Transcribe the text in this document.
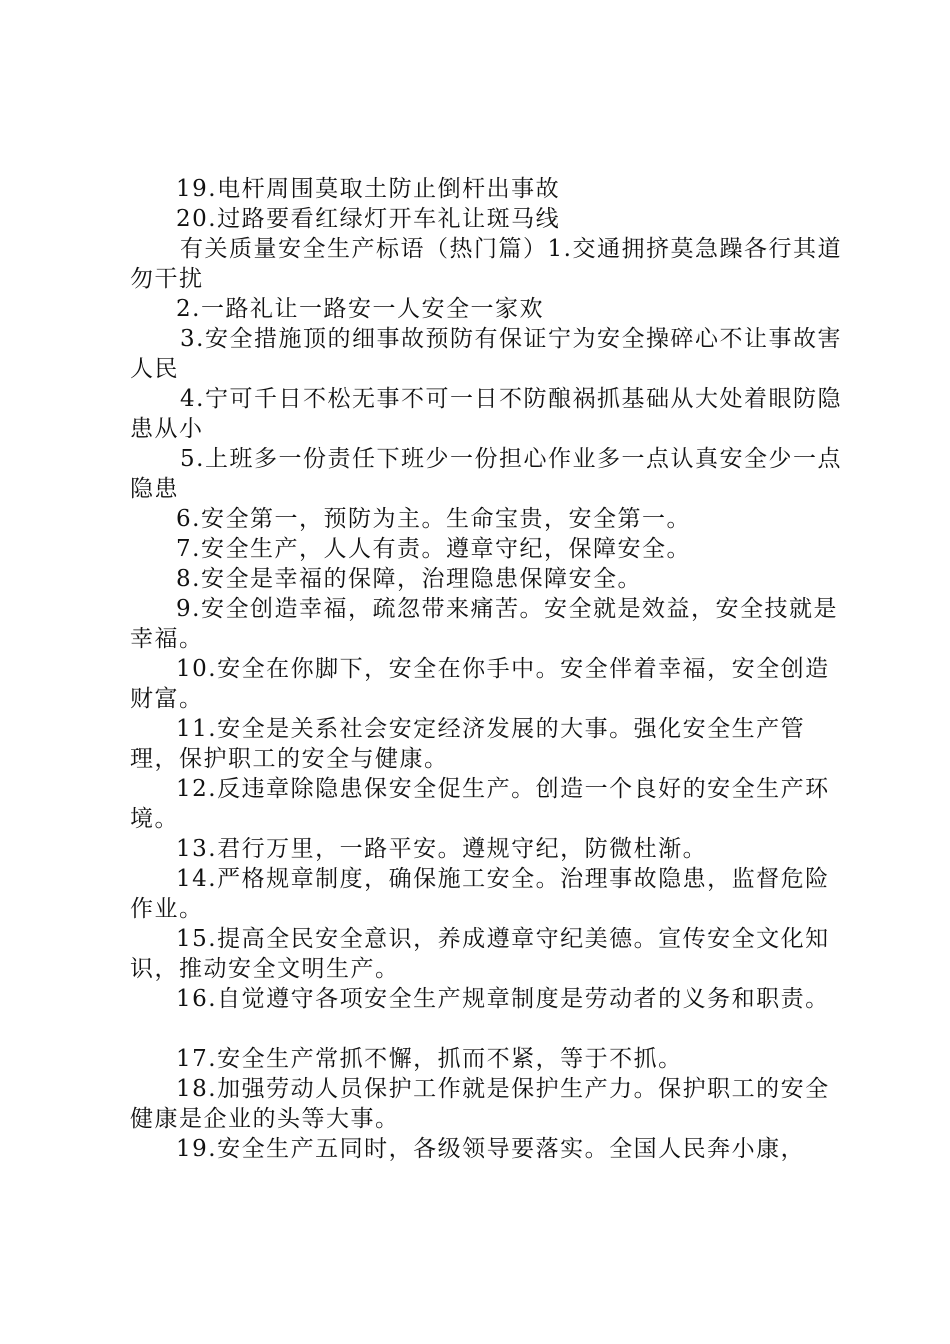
19.电杆周围莫取土防止倒杆出事故

20.过路要看红绿灯开车礼让斑马线

有关质量安全生产标语（热门篇）1.交通拥挤莫急躁各行其道勿干扰

2.一路礼让一路安一人安全一家欢

3.安全措施顶的细事故预防有保证宁为安全操碎心不让事故害人民

4.宁可千日不松无事不可一日不防酿祸抓基础从大处着眼防隐患从小

5.上班多一份责任下班少一份担心作业多一点认真安全少一点隐患

6.安全第一，预防为主。生命宝贵，安全第一。

7.安全生产，人人有责。遵章守纪，保障安全。

8.安全是幸福的保障，治理隐患保障安全。

9.安全创造幸福，疏忽带来痛苦。安全就是效益，安全技就是幸福。

10.安全在你脚下，安全在你手中。安全伴着幸福，安全创造财富。

11.安全是关系社会安定经济发展的大事。强化安全生产管理，保护职工的安全与健康。

12.反违章除隐患保安全促生产。创造一个良好的安全生产环境。

13.君行万里，一路平安。遵规守纪，防微杜渐。

14.严格规章制度，确保施工安全。治理事故隐患，监督危险作业。

15.提高全民安全意识，养成遵章守纪美德。宣传安全文化知识，推动安全文明生产。

16.自觉遵守各项安全生产规章制度是劳动者的义务和职责。

17.安全生产常抓不懈，抓而不紧，等于不抓。

18.加强劳动人员保护工作就是保护生产力。保护职工的安全健康是企业的头等大事。

19.安全生产五同时，各级领导要落实。全国人民奔小康，
